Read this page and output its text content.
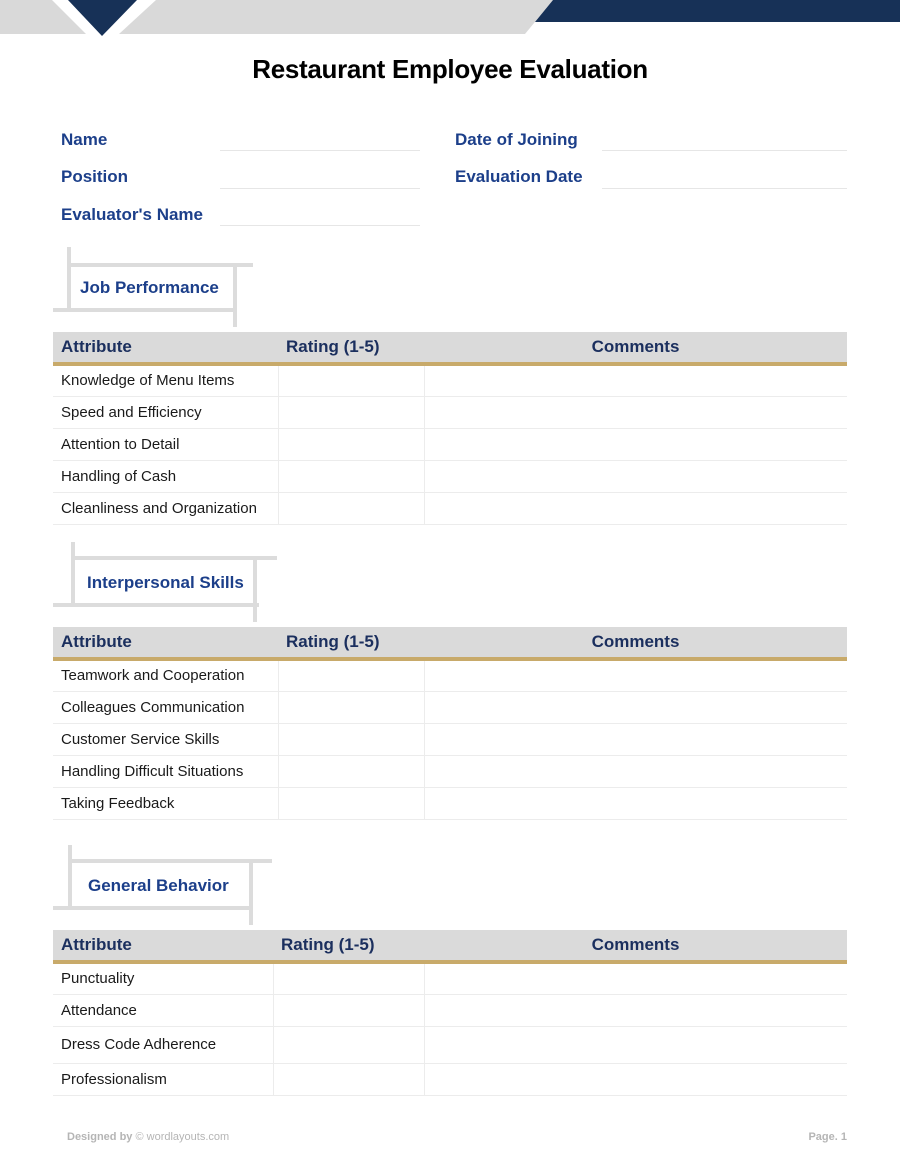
Restaurant Employee Evaluation
Name
Position
Evaluator's Name
Date of Joining
Evaluation Date
Job Performance
Attribute	Rating (1-5)	Comments
Knowledge of Menu Items		
Speed and Efficiency		
Attention to Detail		
Handling of Cash		
Cleanliness and Organization		
Interpersonal Skills
Attribute	Rating (1-5)	Comments
Teamwork and Cooperation		
Colleagues Communication		
Customer Service Skills		
Handling Difficult Situations		
Taking Feedback		
General Behavior
Attribute	Rating (1-5)	Comments
Punctuality		
Attendance		
Dress Code Adherence		
Professionalism		
Designed by © wordlayouts.com	Page. 1
